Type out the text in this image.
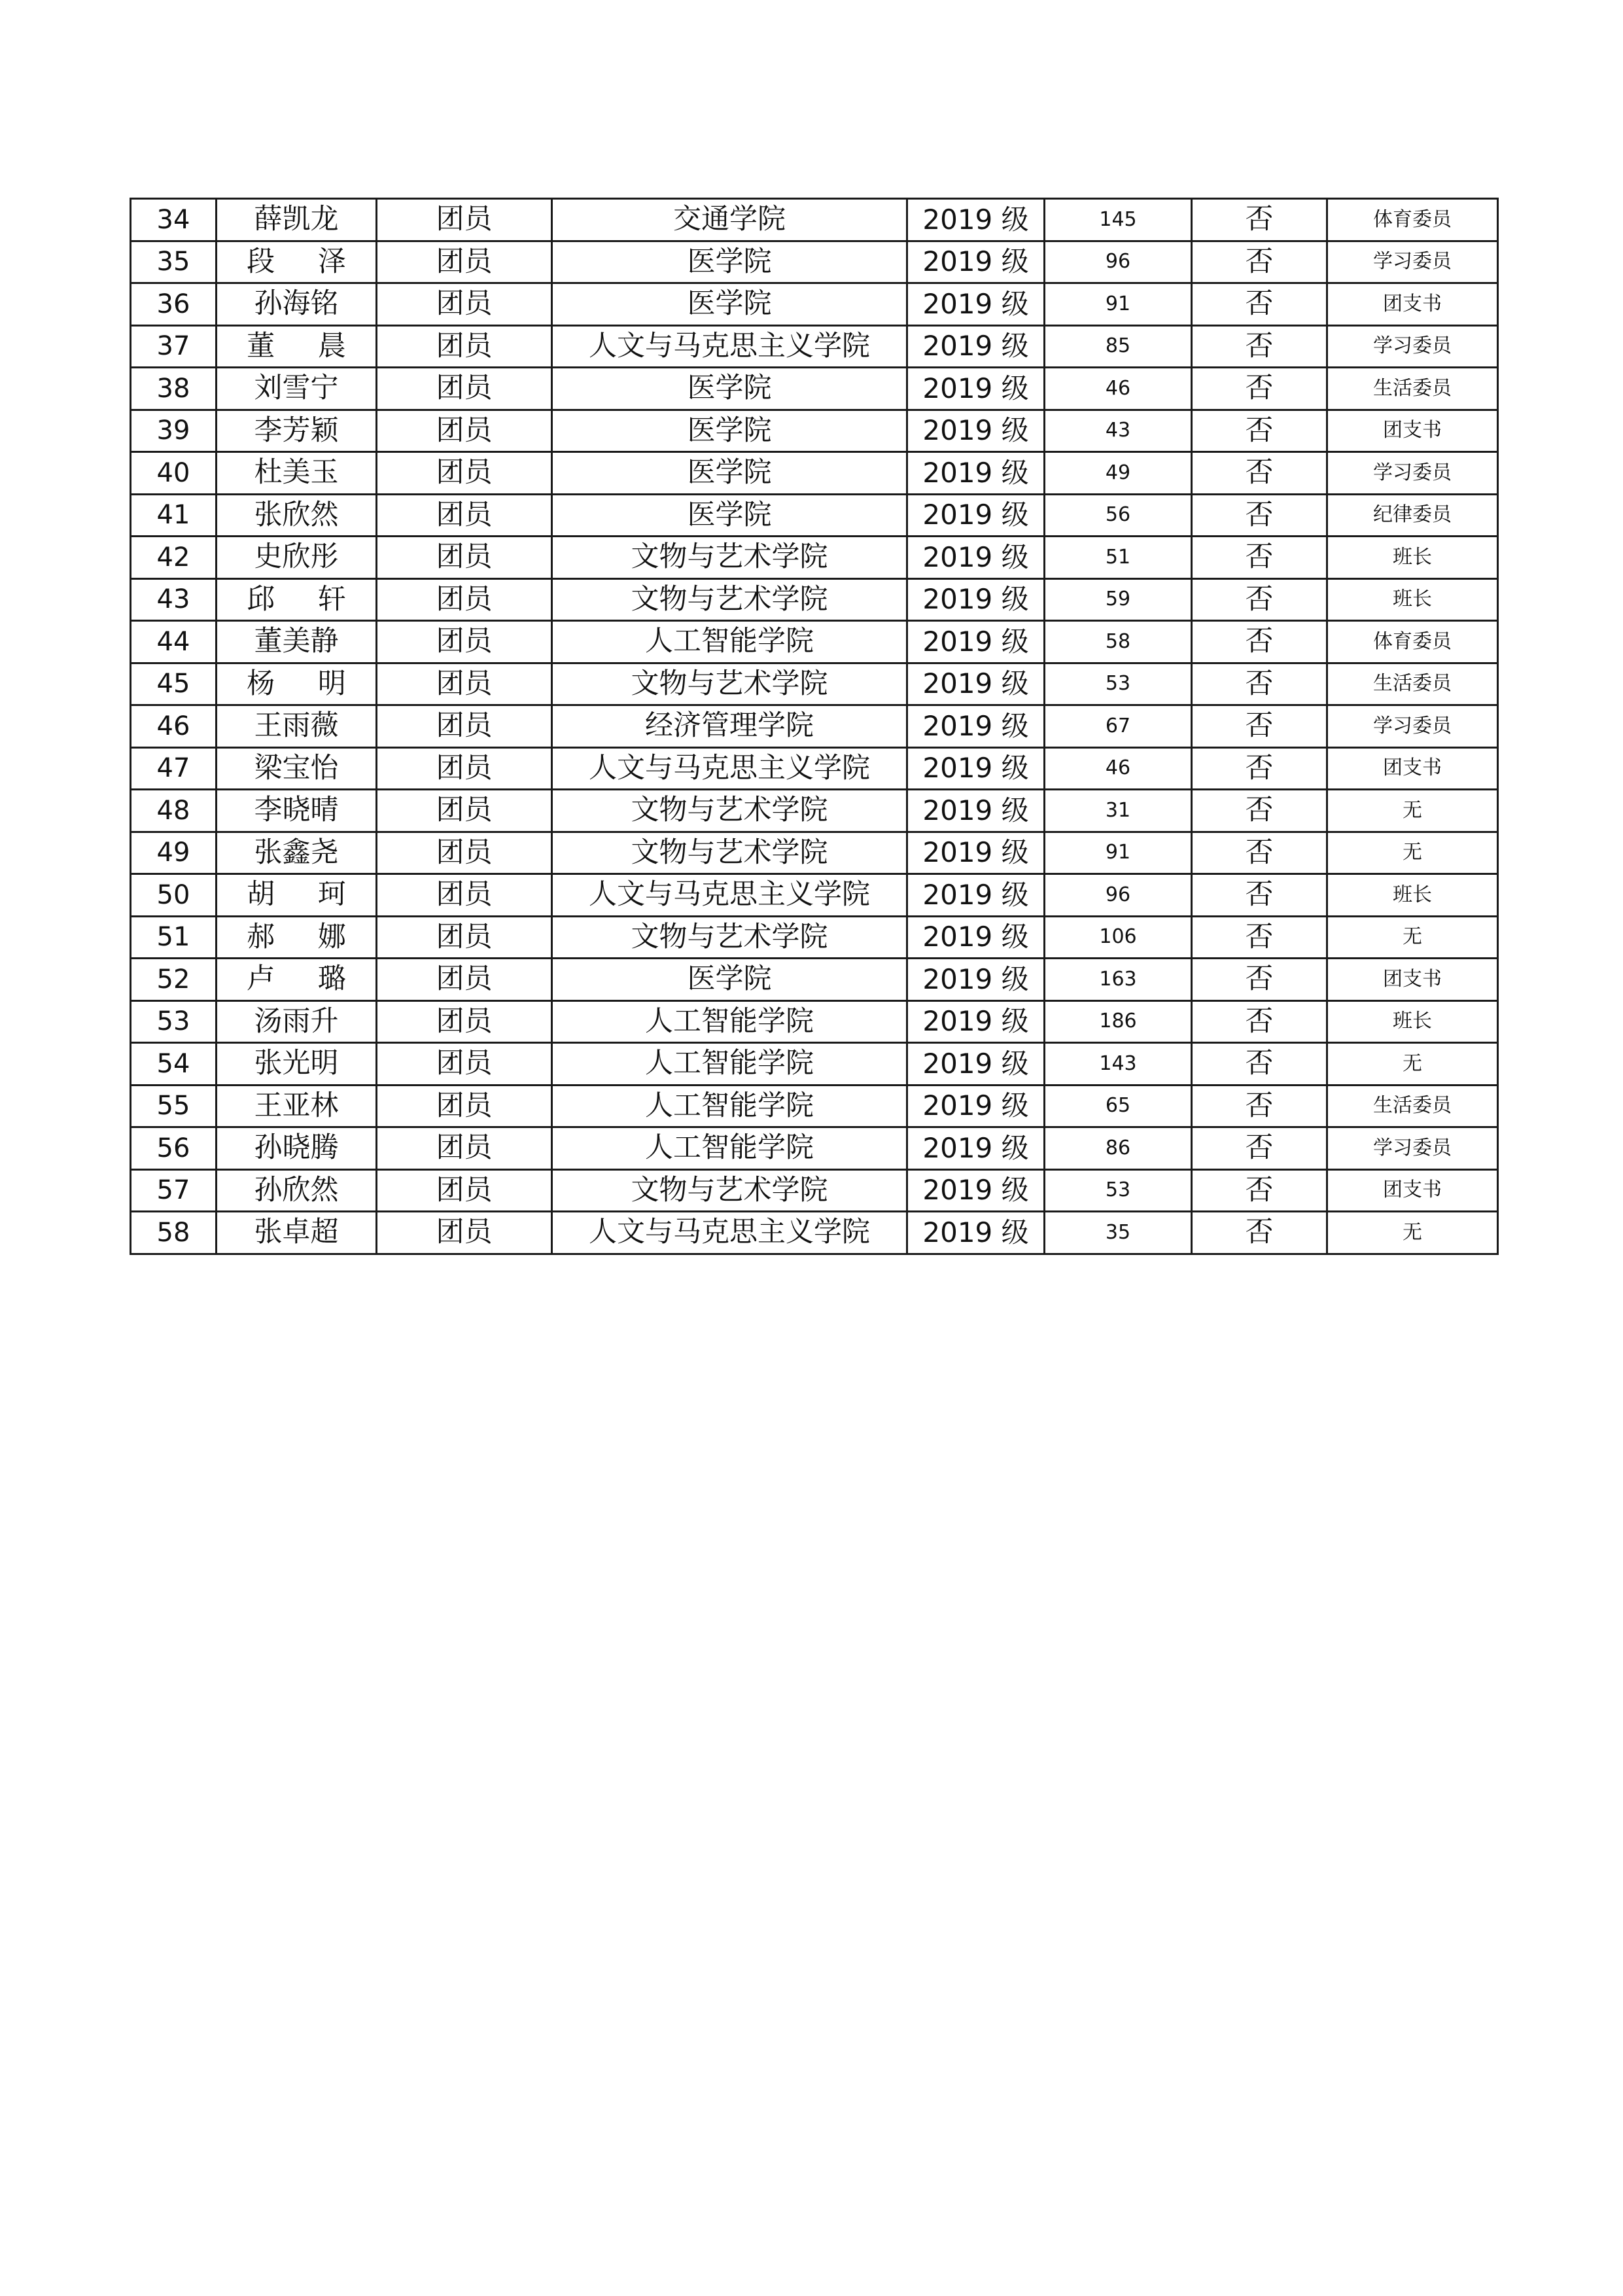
34	薛凯龙	团员	交通学院	2019 级	145	否	体育委员
35	段 泽	团员	医学院	2019 级	96	否	学习委员
36	孙海铭	团员	医学院	2019 级	91	否	团支书
37	董 晨	团员	人文与马克思主义学院	2019 级	85	否	学习委员
38	刘雪宁	团员	医学院	2019 级	46	否	生活委员
39	李芳颖	团员	医学院	2019 级	43	否	团支书
40	杜美玉	团员	医学院	2019 级	49	否	学习委员
41	张欣然	团员	医学院	2019 级	56	否	纪律委员
42	史欣彤	团员	文物与艺术学院	2019 级	51	否	班长
43	邱 轩	团员	文物与艺术学院	2019 级	59	否	班长
44	董美静	团员	人工智能学院	2019 级	58	否	体育委员
45	杨 明	团员	文物与艺术学院	2019 级	53	否	生活委员
46	王雨薇	团员	经济管理学院	2019 级	67	否	学习委员
47	梁宝怡	团员	人文与马克思主义学院	2019 级	46	否	团支书
48	李晓晴	团员	文物与艺术学院	2019 级	31	否	无
49	张鑫尧	团员	文物与艺术学院	2019 级	91	否	无
50	胡 珂	团员	人文与马克思主义学院	2019 级	96	否	班长
51	郝 娜	团员	文物与艺术学院	2019 级	106	否	无
52	卢 璐	团员	医学院	2019 级	163	否	团支书
53	汤雨升	团员	人工智能学院	2019 级	186	否	班长
54	张光明	团员	人工智能学院	2019 级	143	否	无
55	王亚林	团员	人工智能学院	2019 级	65	否	生活委员
56	孙晓腾	团员	人工智能学院	2019 级	86	否	学习委员
57	孙欣然	团员	文物与艺术学院	2019 级	53	否	团支书
58	张卓超	团员	人文与马克思主义学院	2019 级	35	否	无
